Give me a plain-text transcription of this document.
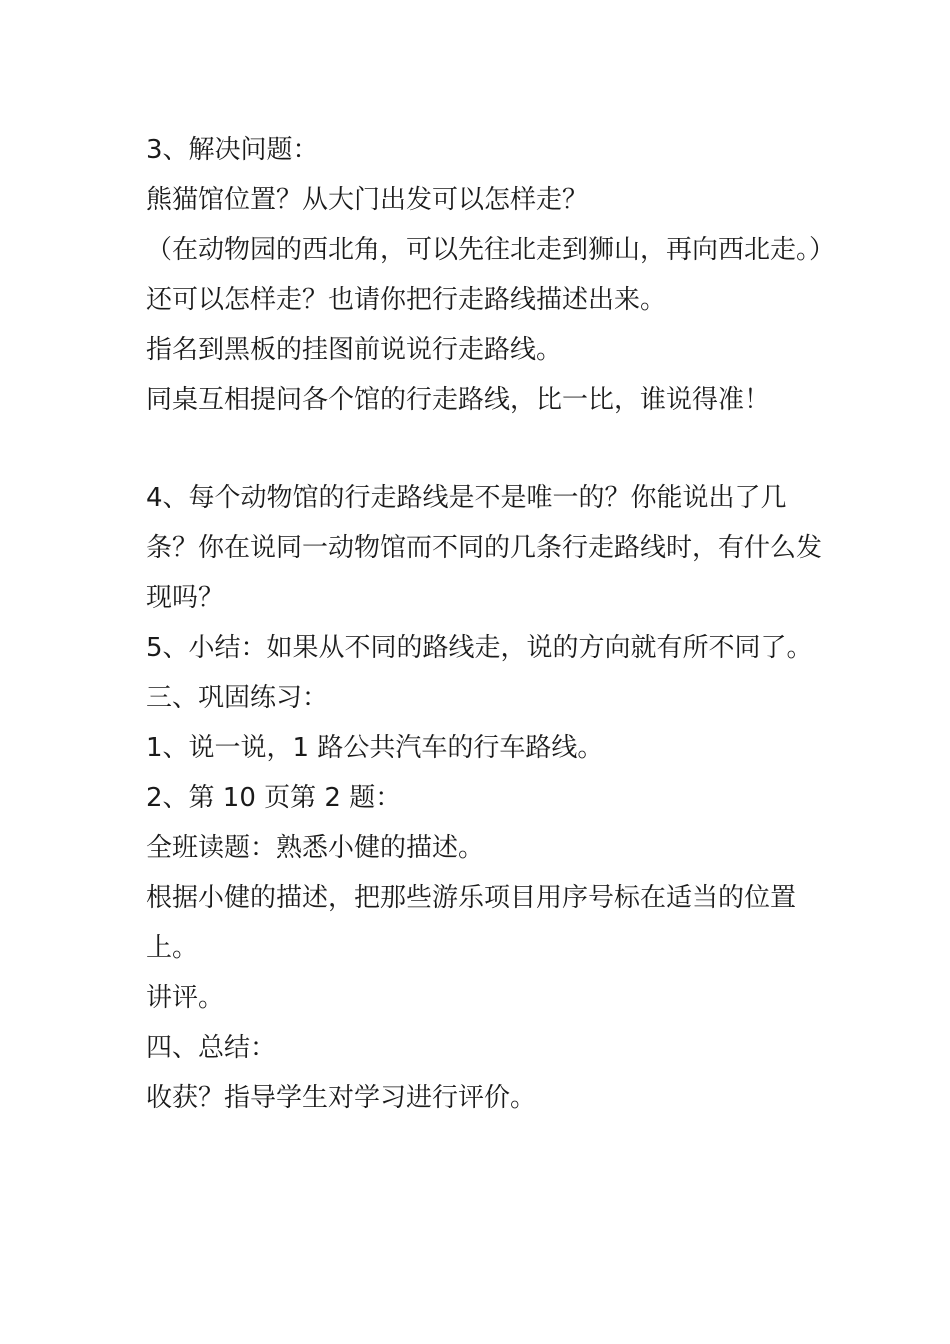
3、解决问题：

熊猫馆位置？从大门出发可以怎样走？

（在动物园的西北角，可以先往北走到狮山，再向西北走。）

还可以怎样走？也请你把行走路线描述出来。

指名到黑板的挂图前说说行走路线。

同桌互相提问各个馆的行走路线，比一比，谁说得准！

4、每个动物馆的行走路线是不是唯一的？你能说出了几条？你在说同一动物馆而不同的几条行走路线时，有什么发现吗？

5、小结：如果从不同的路线走，说的方向就有所不同了。

三、巩固练习：

1、说一说，1 路公共汽车的行车路线。

2、第 10 页第 2 题：

全班读题：熟悉小健的描述。

根据小健的描述，把那些游乐项目用序号标在适当的位置上。

讲评。

四、总结：

收获？指导学生对学习进行评价。
